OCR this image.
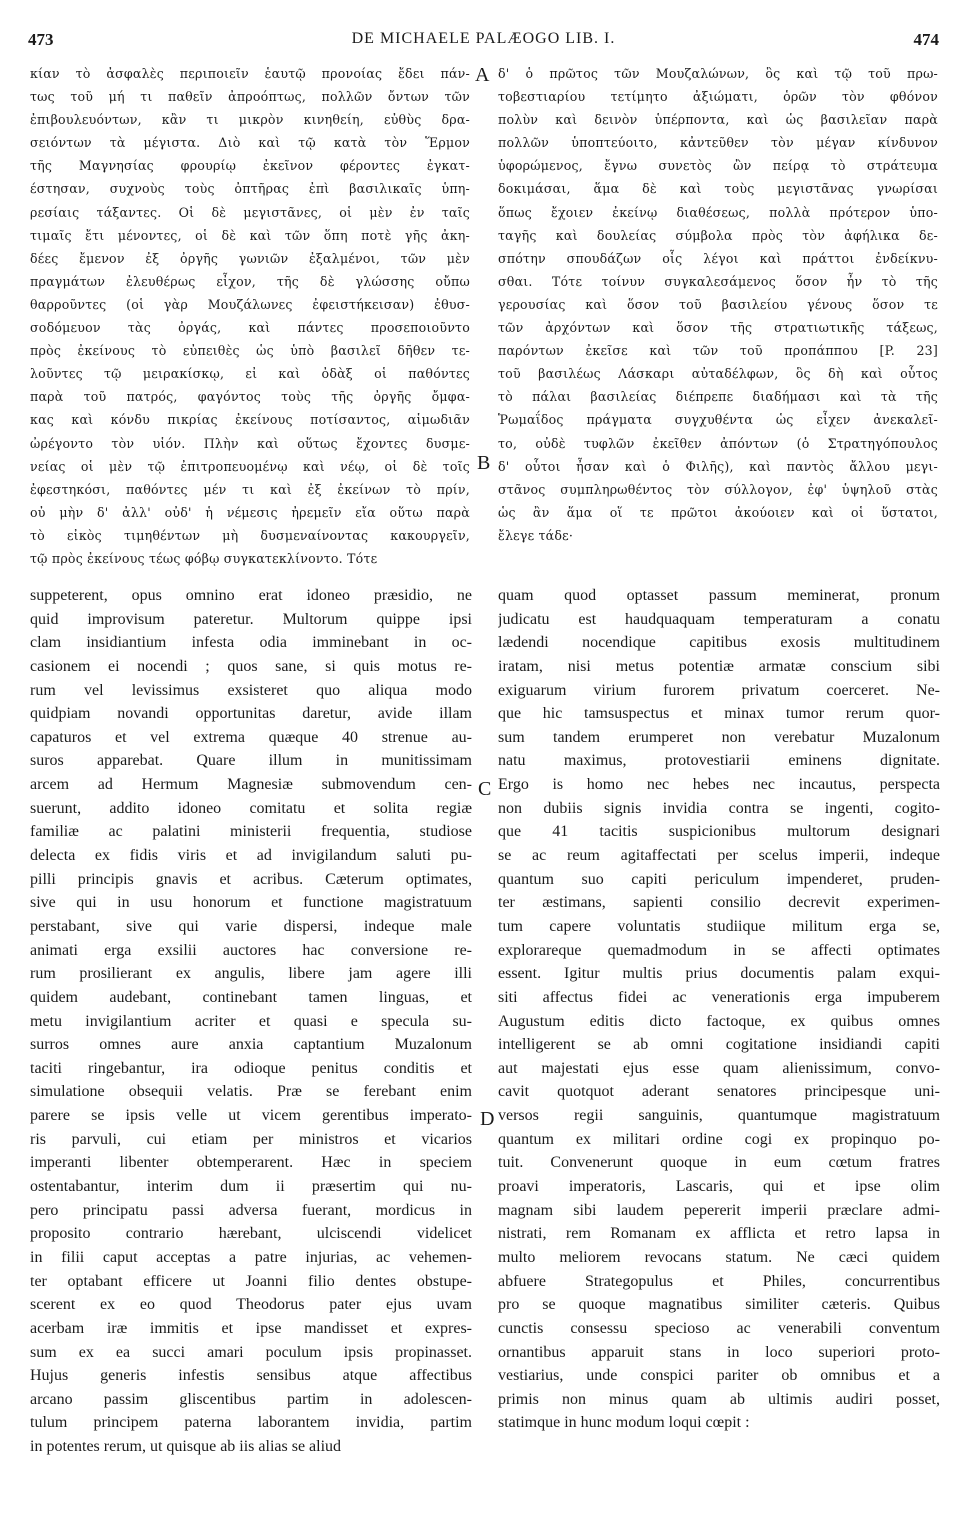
473	DE MICHAELE PALÆOGO LIB. I.	474
κίαν τὸ ἀσφαλὲς περιποιεῖν ἑαυτῷ προνοίας ἔδει πάν-
τως τοῦ μή τι παθεῖν ἀπροόπτως, πολλῶν ὄντων τῶν
ἐπιβουλευόντων, κἂν τι μικρὸν κινηθείη, εὐθὺς δρα-
σειόντων τὰ μέγιστα. Διὸ καὶ τῷ κατὰ τὸν Ἕρμον
τῆς Μαγνησίας φρουρίῳ ἐκεῖνον φέροντες ἐγκατ-
έστησαν, συχνοὺς τοὺς ὀπτῆρας ἐπὶ βασιλικαῖς ὑπη-
ρεσίαις τάξαντες. Οἱ δὲ μεγιστᾶνες, οἱ μὲν ἐν ταῖς
τιμαῖς ἔτι μένοντες, οἱ δὲ καὶ τῶν ὅπη ποτὲ γῆς ἀκη-
δέες ἔμενον ἐξ ὀργῆς γωνιῶν ἐξαλμένοι, τῶν μὲν
πραγμάτων ἐλευθέρως εἶχον, τῆς δὲ γλώσσης οὔπω
θαρροῦντες (οἱ γὰρ Μουζάλωνες ἐφειστήκεισαν) ἐθυσ-
σοδόμευον τὰς ὀργάς, καὶ πάντες προσεποιοῦντο
πρὸς ἐκείνους τὸ εὐπειθὲς ὡς ὑπὸ βασιλεῖ δῆθεν τε-
λοῦντες τῷ μειρακίσκῳ, εἰ καὶ ὀδὰξ οἱ παθόντες
παρὰ τοῦ πατρός, φαγόντος τοὺς τῆς ὀργῆς ὄμφα-
κας καὶ κόνδυ πικρίας ἐκείνους ποτίσαντος, αἱμωδιᾶν
ὠρέγοντο τὸν υἱόν. Πλὴν καὶ οὕτως ἔχοντες δυσμε-
νείας οἱ μὲν τῷ ἐπιτροπευομένῳ καὶ νέῳ, οἱ δὲ τοῖς
ἐφεστηκόσι, παθόντες μέν τι καὶ ἐξ ἐκείνων τὸ πρίν,
οὐ μὴν δ' ἀλλ' οὐδ' ἡ νέμεσις ἠρεμεῖν εἴα οὕτω παρὰ
τὸ εἰκὸς τιμηθέντων μὴ δυσμεναίνοντας κακουργεῖν,
τῷ πρὸς ἐκείνους τέως φόβῳ συγκατεκλίνοντο. Τότε
δ' ὁ πρῶτος τῶν Μουζαλώνων, ὃς καὶ τῷ τοῦ πρω-
τοβεστιαρίου τετίμητο ἀξιώματι, ὁρῶν τὸν φθόνον
πολὺν καὶ δεινὸν ὑπέρποντα, καὶ ὡς βασιλεῖαν παρὰ
πολλῶν ὑποπτεύοιτο, κἀντεῦθεν τὸν μέγαν κίνδυνον
ὑφορώμενος, ἔγνω συνετὸς ὢν πείρᾳ τὸ στράτευμα
δοκιμάσαι, ἅμα δὲ καὶ τοὺς μεγιστᾶνας γνωρίσαι
ὅπως ἔχοιεν ἐκείνῳ διαθέσεως, πολλὰ πρότερον ὑπο-
ταγῆς καὶ δουλείας σύμβολα πρὸς τὸν ἀφήλικα δε-
σπότην σπουδάζων οἷς λέγοι καὶ πράττοι ἐνδείκνυ-
σθαι. Τότε τοίνυν συγκαλεσάμενος ὅσον ἦν τὸ τῆς
γερουσίας καὶ ὅσον τοῦ βασιλείου γένους ὅσον τε
τῶν ἀρχόντων καὶ ὅσον τῆς στρατιωτικῆς τάξεως,
παρόντων ἐκεῖσε καὶ τῶν τοῦ προπάππου [P. 23]
τοῦ βασιλέως Λάσκαρι αὐταδέλφων, ὃς δὴ καὶ οὗτος
τὸ πάλαι βασιλείας διέπρεπε διαδήμασι καὶ τὰ τῆς
Ῥωμαΐδος πράγματα συγχυθέντα ὡς εἶχεν ἀνεκαλεῖ-
το, οὐδὲ τυφλῶν ἐκεῖθεν ἀπόντων (ὁ Στρατηγόπουλος
δ' οὗτοι ἦσαν καὶ ὁ Φιλῆς), καὶ παντὸς ἄλλου μεγι-
στᾶνος συμπληρωθέντος τὸν σύλλογον, ἐφ' ὑψηλοῦ στὰς
ὡς ἂν ἅμα οἵ τε πρῶτοι ἀκούοιεν καὶ οἱ ὕστατοι,
ἔλεγε τάδε·
suppeterent, opus omnino erat idoneo præsidio, ne
quid improvisum pateretur. Multorum quippe ipsi
clam insidiantium infesta odia imminebant in oc-
casionem ei nocendi ; quos sane, si quis motus re-
rum vel levissimus exsisteret quo aliqua modo
quidpiam novandi opportunitas daretur, avide illam
capaturos et vel extrema quæque 40 strenue au-
suros apparebat. Quare illum in munitissimam
arcem ad Hermum Magnesiæ submovendum cen-
suerunt, addito idoneo comitatu et solita regiæ
familiæ ac palatini ministerii frequentia, studiose
delecta ex fidis viris et ad invigilandum saluti pu-
pilli principis gnavis et acribus. Cæterum optimates,
sive qui in usu honorum et functione magistratuum
perstabant, sive qui varie dispersi, indeque male
animati erga exsilii auctores hac conversione re-
rum prosilierant ex angulis, libere jam agere illi
quidem audebant, continebant tamen linguas, et
metu invigilantium acriter et quasi e specula su-
surros omnes aure anxia captantium Muzalonum
taciti ringebantur, ira odioque penitus conditis et
simulatione obsequii velatis. Præ se ferebant enim
parere se ipsis velle ut vicem gerentibus imperato-
ris parvuli, cui etiam per ministros et vicarios
imperanti libenter obtemperarent. Hæc in speciem
ostentabantur, interim dum ii præsertim qui nu-
pero principatu passi adversa fuerant, mordicus in
proposito contrario hærebant, ulciscendi videlicet
in filii caput acceptas a patre injurias, ac vehemen-
ter optabant efficere ut Joanni filio dentes obstupe-
scerent ex eo quod Theodorus pater ejus uvam
acerbam iræ immitis et ipse mandisset et expres-
sum ex ea succi amari poculum ipsis propinasset.
Hujus generis infestis sensibus atque affectibus
arcano passim gliscentibus partim in adolescen-
tulum principem paterna laborantem invidia, partim
in potentes rerum, ut quisque ab iis alias se aliud
quam quod optasset passum meminerat, pronum
judicatu est haudquaquam temperaturam a conatu
lædendi nocendique capitibus exosis multitudinem
iratam, nisi metus potentiæ armatæ conscium sibi
exiguarum virium furorem privatum coerceret. Ne-
que hic tamsuspectus et minax tumor rerum quor-
sum tandem erumperet non verebatur Muzalonum
natu maximus, protovestiarii eminens dignitate.
Ergo is homo nec hebes nec incautus, perspecta
non dubiis signis invidia contra se ingenti, cogito-
que 41 tacitis suspicionibus multorum designari
se ac reum agitaffectati per scelus imperii, indeque
quantum suo capiti periculum impenderet, pruden-
ter æstimans, sapienti consilio decrevit experimen-
tum capere voluntatis studiique militum erga se,
explorareque quemadmodum in se affecti optimates
essent. Igitur multis prius documentis palam exqui-
siti affectus fidei ac venerationis erga impuberem
Augustum editis dicto factoque, ex quibus omnes
intelligerent se ab omni cogitatione insidiandi capiti
aut majestati ejus esse quam alienissimum, convo-
cavit quotquot aderant senatores principesque uni-
versos regii sanguinis, quantumque magistratuum
quantum ex militari ordine cogi ex propinquo po-
tuit. Convenerunt quoque in eum cœtum fratres
proavi imperatoris, Lascaris, qui et ipse olim
magnam sibi laudem pepererit imperii præclare admi-
nistrati, rem Romanam ex afflicta et retro lapsa in
multo meliorem revocans statum. Ne cæci quidem
abfuere Strategopulus et Philes, concurrentibus
pro se quoque magnatibus similiter cæteris. Quibus
cunctis consessu specioso ac venerabili conventum
ornantibus apparuit stans in loco superiori proto-
vestiarius, unde conspici pariter ob omnibus et a
primis non minus quam ab ultimis audiri posset,
statimque in hunc modum loqui cœpit :
A
B
C
D
